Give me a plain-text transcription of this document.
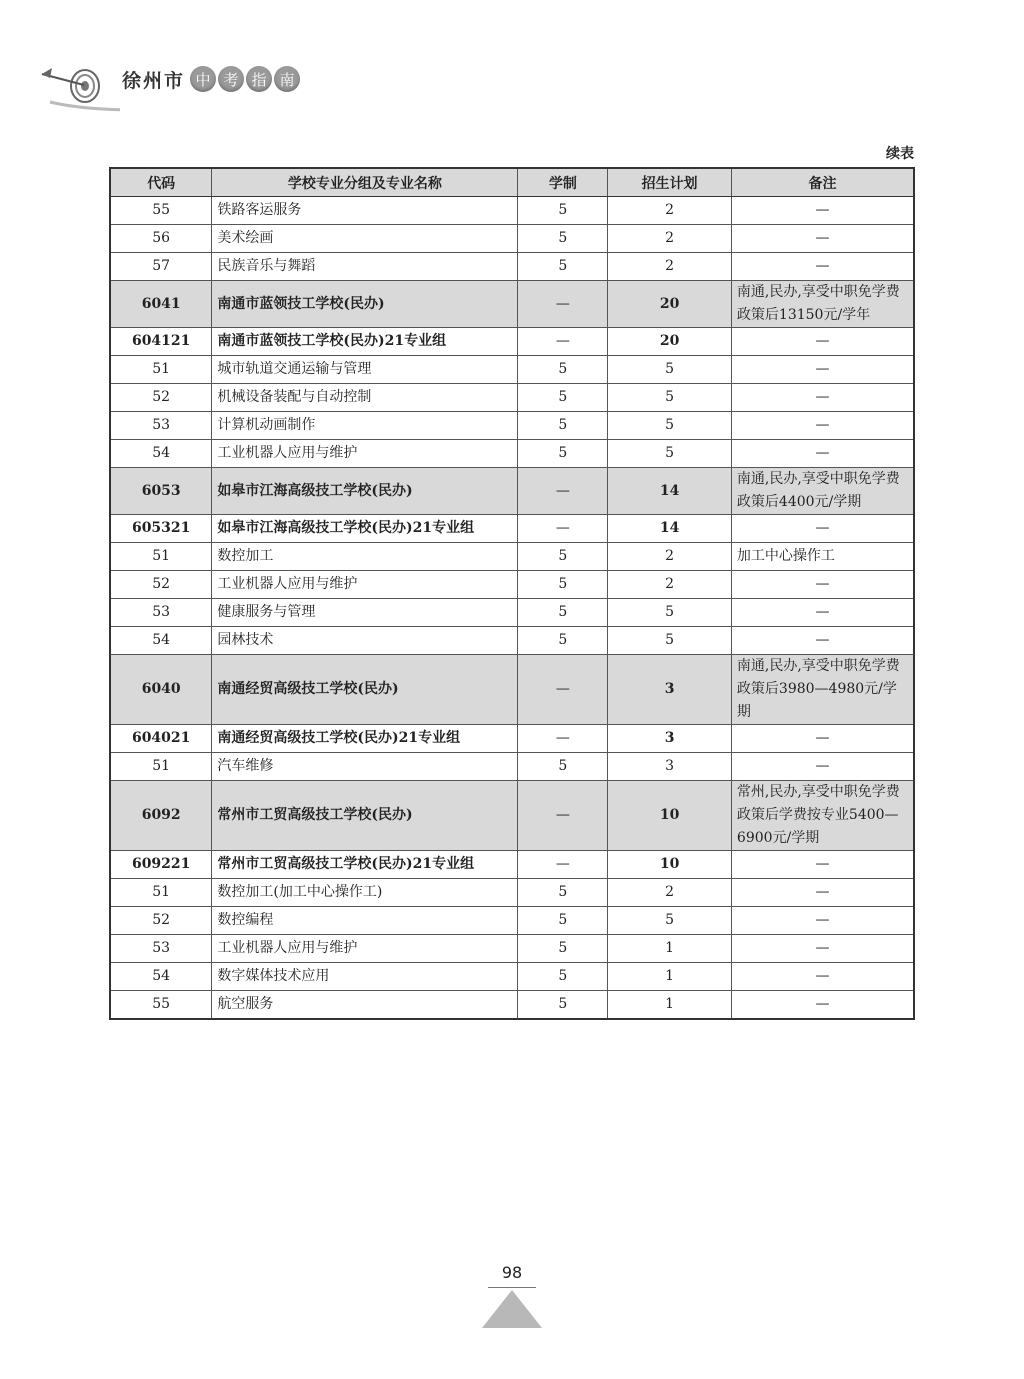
徐州市 中 考 指 南
续表
代码	学校专业分组及专业名称	学制	招生计划	备注
55	铁路客运服务	5	2	—
56	美术绘画	5	2	—
57	民族音乐与舞蹈	5	2	—
6041	南通市蓝领技工学校(民办)	—	20	南通,民办,享受中职免学费政策后13150元/学年
604121	南通市蓝领技工学校(民办)21专业组	—	20	—
51	城市轨道交通运输与管理	5	5	—
52	机械设备装配与自动控制	5	5	—
53	计算机动画制作	5	5	—
54	工业机器人应用与维护	5	5	—
6053	如皋市江海高级技工学校(民办)	—	14	南通,民办,享受中职免学费政策后4400元/学期
605321	如皋市江海高级技工学校(民办)21专业组	—	14	—
51	数控加工	5	2	加工中心操作工
52	工业机器人应用与维护	5	2	—
53	健康服务与管理	5	5	—
54	园林技术	5	5	—
6040	南通经贸高级技工学校(民办)	—	3	南通,民办,享受中职免学费政策后3980—4980元/学期
604021	南通经贸高级技工学校(民办)21专业组	—	3	—
51	汽车维修	5	3	—
6092	常州市工贸高级技工学校(民办)	—	10	常州,民办,享受中职免学费政策后学费按专业5400—6900元/学期
609221	常州市工贸高级技工学校(民办)21专业组	—	10	—
51	数控加工(加工中心操作工)	5	2	—
52	数控编程	5	5	—
53	工业机器人应用与维护	5	1	—
54	数字媒体技术应用	5	1	—
55	航空服务	5	1	—
98
